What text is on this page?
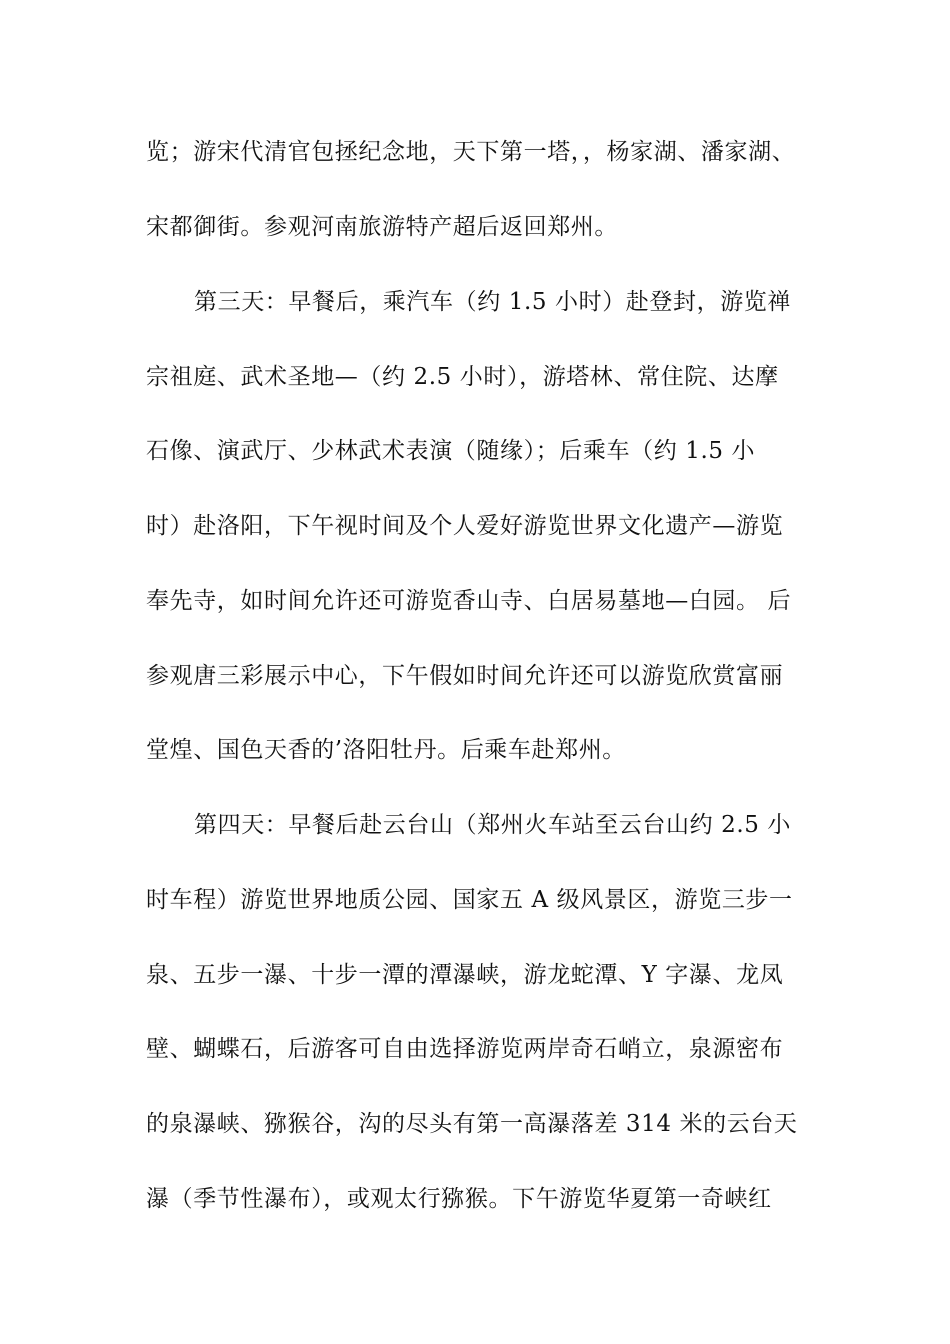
览；游宋代清官包拯纪念地，天下第一塔，，杨家湖、潘家湖、

宋都御街。参观河南旅游特产超后返回郑州。

第三天：早餐后，乘汽车（约 1.5 小时）赴登封，游览禅

宗祖庭、武术圣地—（约 2.5 小时），游塔林、常住院、达摩

石像、演武厅、少林武术表演（随缘）；后乘车（约 1.5 小

时）赴洛阳，下午视时间及个人爱好游览世界文化遗产—游览

奉先寺，如时间允许还可游览香山寺、白居易墓地—白园。 后

参观唐三彩展示中心，下午假如时间允许还可以游览欣赏富丽

堂煌、国色天香的’洛阳牡丹。后乘车赴郑州。

第四天：早餐后赴云台山（郑州火车站至云台山约 2.5 小

时车程）游览世界地质公园、国家五 A 级风景区，游览三步一

泉、五步一瀑、十步一潭的潭瀑峡，游龙蛇潭、Y 字瀑、龙凤

壁、蝴蝶石，后游客可自由选择游览两岸奇石峭立，泉源密布

的泉瀑峡、猕猴谷，沟的尽头有第一高瀑落差 314 米的云台天

瀑（季节性瀑布），或观太行猕猴。下午游览华夏第一奇峡红
